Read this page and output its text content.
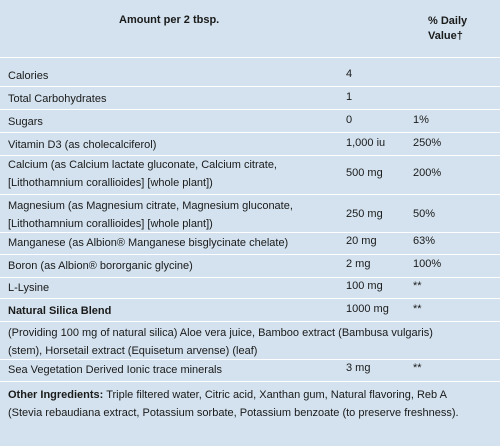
Amount per 2 tbsp.	% Daily
Value†
Calories	4
Total Carbohydrates	1
Sugars	0	1%
Vitamin D3 (as cholecalciferol)	1,000 iu	250%
Calcium (as Calcium lactate gluconate, Calcium citrate,
[Lithothamnium corallioides] [whole plant])
500 mg	200%
Magnesium (as Magnesium citrate, Magnesium gluconate,
[Lithothamnium corallioides] [whole plant])
250 mg	50%
Manganese (as Albion® Manganese bisglycinate chelate)	20 mg	63%
Boron (as Albion® bororganic glycine)	2 mg	100%
L-Lysine	100 mg	**
Natural Silica Blend	1000 mg **
(Providing 100 mg of natural silica) Aloe vera juice, Bamboo extract (Bambusa vulgaris)
(stem), Horsetail extract (Equisetum arvense) (leaf)
Sea Vegetation Derived Ionic trace minerals	3 mg	**
Other Ingredients: Triple filtered water, Citric acid, Xanthan gum, Natural flavoring, Reb A
(Stevia rebaudiana extract, Potassium sorbate, Potassium benzoate (to preserve freshness).
